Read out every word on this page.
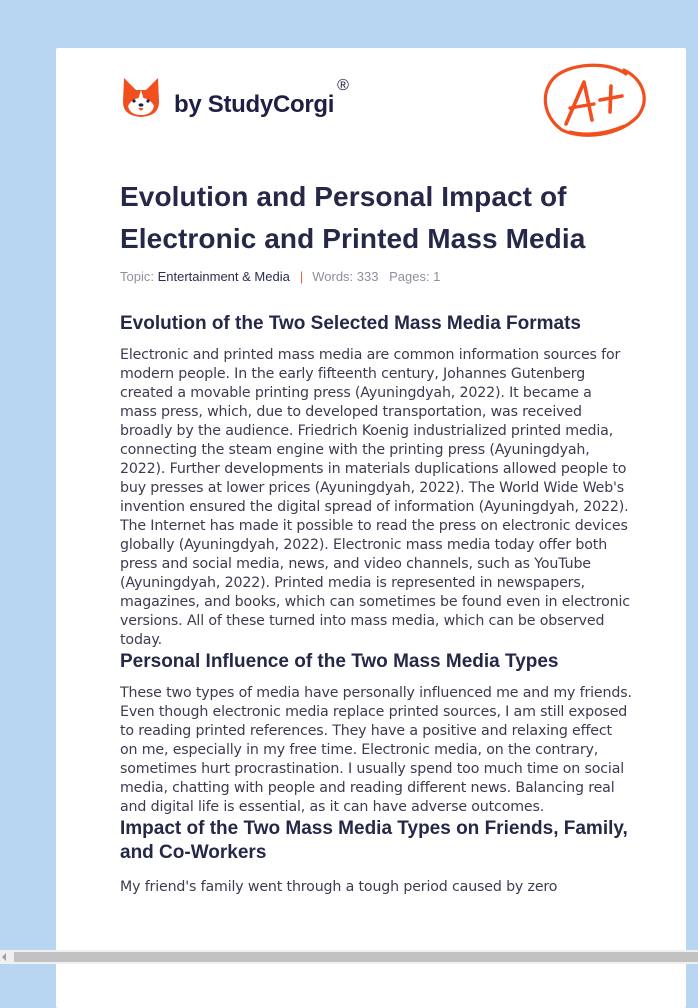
by StudyCorgi
®
Evolution and Personal Impact of Electronic and Printed Mass Media
Topic: Entertainment & Media | Words: 333 Pages: 1
Evolution of the Two Selected Mass Media Formats

Electronic and printed mass media are common information sources for modern people. In the early fifteenth century, Johannes Gutenberg created a movable printing press (Ayuningdyah, 2022). It became a mass press, which, due to developed transportation, was received broadly by the audience. Friedrich Koenig industrialized printed media, connecting the steam engine with the printing press (Ayuningdyah, 2022). Further developments in materials duplications allowed people to buy presses at lower prices (Ayuningdyah, 2022). The World Wide Web's invention ensured the digital spread of information (Ayuningdyah, 2022). The Internet has made it possible to read the press on electronic devices globally (Ayuningdyah, 2022). Electronic mass media today offer both press and social media, news, and video channels, such as YouTube (Ayuningdyah, 2022). Printed media is represented in newspapers, magazines, and books, which can sometimes be found even in electronic versions. All of these turned into mass media, which can be observed today.

Personal Influence of the Two Mass Media Types

These two types of media have personally influenced me and my friends. Even though electronic media replace printed sources, I am still exposed to reading printed references. They have a positive and relaxing effect on me, especially in my free time. Electronic media, on the contrary, sometimes hurt procrastination. I usually spend too much time on social media, chatting with people and reading different news. Balancing real and digital life is essential, as it can have adverse outcomes.

Impact of the Two Mass Media Types on Friends, Family, and Co-Workers

My friend's family went through a tough period caused by zero
